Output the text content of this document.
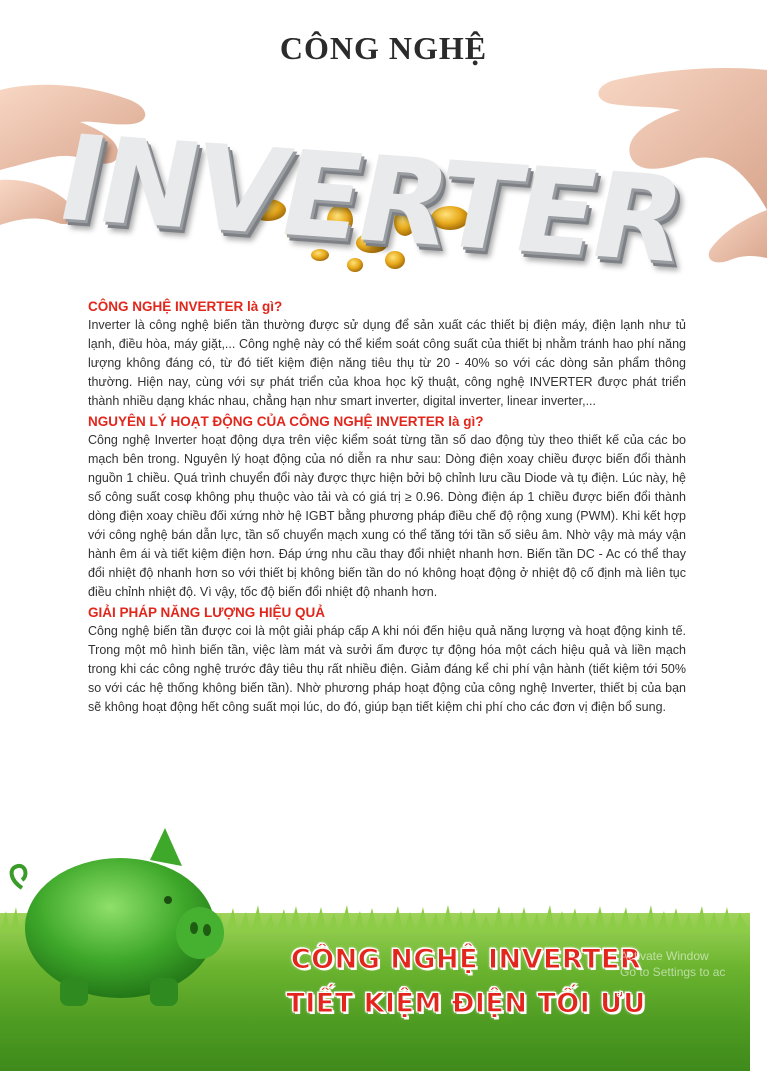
CÔNG NGHỆ
INVERTER
CÔNG NGHỆ INVERTER là gì?

Inverter là công nghệ biến tần thường được sử dụng để sản xuất các thiết bị điện máy, điện lạnh như tủ lạnh, điều hòa, máy giặt,... Công nghệ này có thể kiểm soát công suất của thiết bị nhằm tránh hao phí năng lượng không đáng có, từ đó tiết kiệm điện năng tiêu thụ từ 20 - 40% so với các dòng sản phẩm thông thường. Hiện nay, cùng với sự phát triển của khoa học kỹ thuật, công nghệ INVERTER được phát triển thành nhiều dạng khác nhau, chẳng hạn như smart inverter, digital inverter, linear inverter,...

NGUYÊN LÝ HOẠT ĐỘNG CỦA CÔNG NGHỆ INVERTER là gì?

Công nghệ Inverter hoạt động dựa trên việc kiểm soát từng tần số dao động tùy theo thiết kế của các bo mạch bên trong. Nguyên lý hoạt động của nó diễn ra như sau: Dòng điện xoay chiều được biến đổi thành nguồn 1 chiều. Quá trình chuyển đổi này được thực hiện bởi bộ chỉnh lưu cầu Diode và tụ điện. Lúc này, hệ số công suất cosφ không phụ thuộc vào tải và có giá trị ≥ 0.96. Dòng điện áp 1 chiều được biến đổi thành dòng điện xoay chiều đối xứng nhờ hệ IGBT bằng phương pháp điều chế độ rộng xung (PWM). Khi kết hợp với công nghệ bán dẫn lực, tần số chuyển mạch xung có thể tăng tới tần số siêu âm. Nhờ vậy mà máy vận hành êm ái và tiết kiệm điện hơn. Đáp ứng nhu cầu thay đổi nhiệt nhanh hơn. Biến tần DC - Ac có thể thay đổi nhiệt độ nhanh hơn so với thiết bị không biến tần do nó không hoạt động ở nhiệt độ cố định mà liên tục điều chỉnh nhiệt độ. Vì vậy, tốc độ biến đổi nhiệt độ nhanh hơn.

GIẢI PHÁP NĂNG LƯỢNG HIỆU QUẢ

Công nghệ biến tần được coi là một giải pháp cấp A khi nói đến hiệu quả năng lượng và hoạt động kinh tế. Trong một mô hình biến tần, việc làm mát và sưởi ấm được tự động hóa một cách hiệu quả và liền mạch trong khi các công nghệ trước đây tiêu thụ rất nhiều điện. Giảm đáng kể chi phí vận hành (tiết kiệm tới 50% so với các hệ thống không biến tần). Nhờ phương pháp hoạt động của công nghệ Inverter, thiết bị của bạn sẽ không hoạt động hết công suất mọi lúc, do đó, giúp bạn tiết kiệm chi phí cho các đơn vị điện bổ sung.

CÔNG NGHỆ INVERTER
TIẾT KIỆM ĐIỆN TỐI ƯU
Activate Window
Go to Settings to ac
